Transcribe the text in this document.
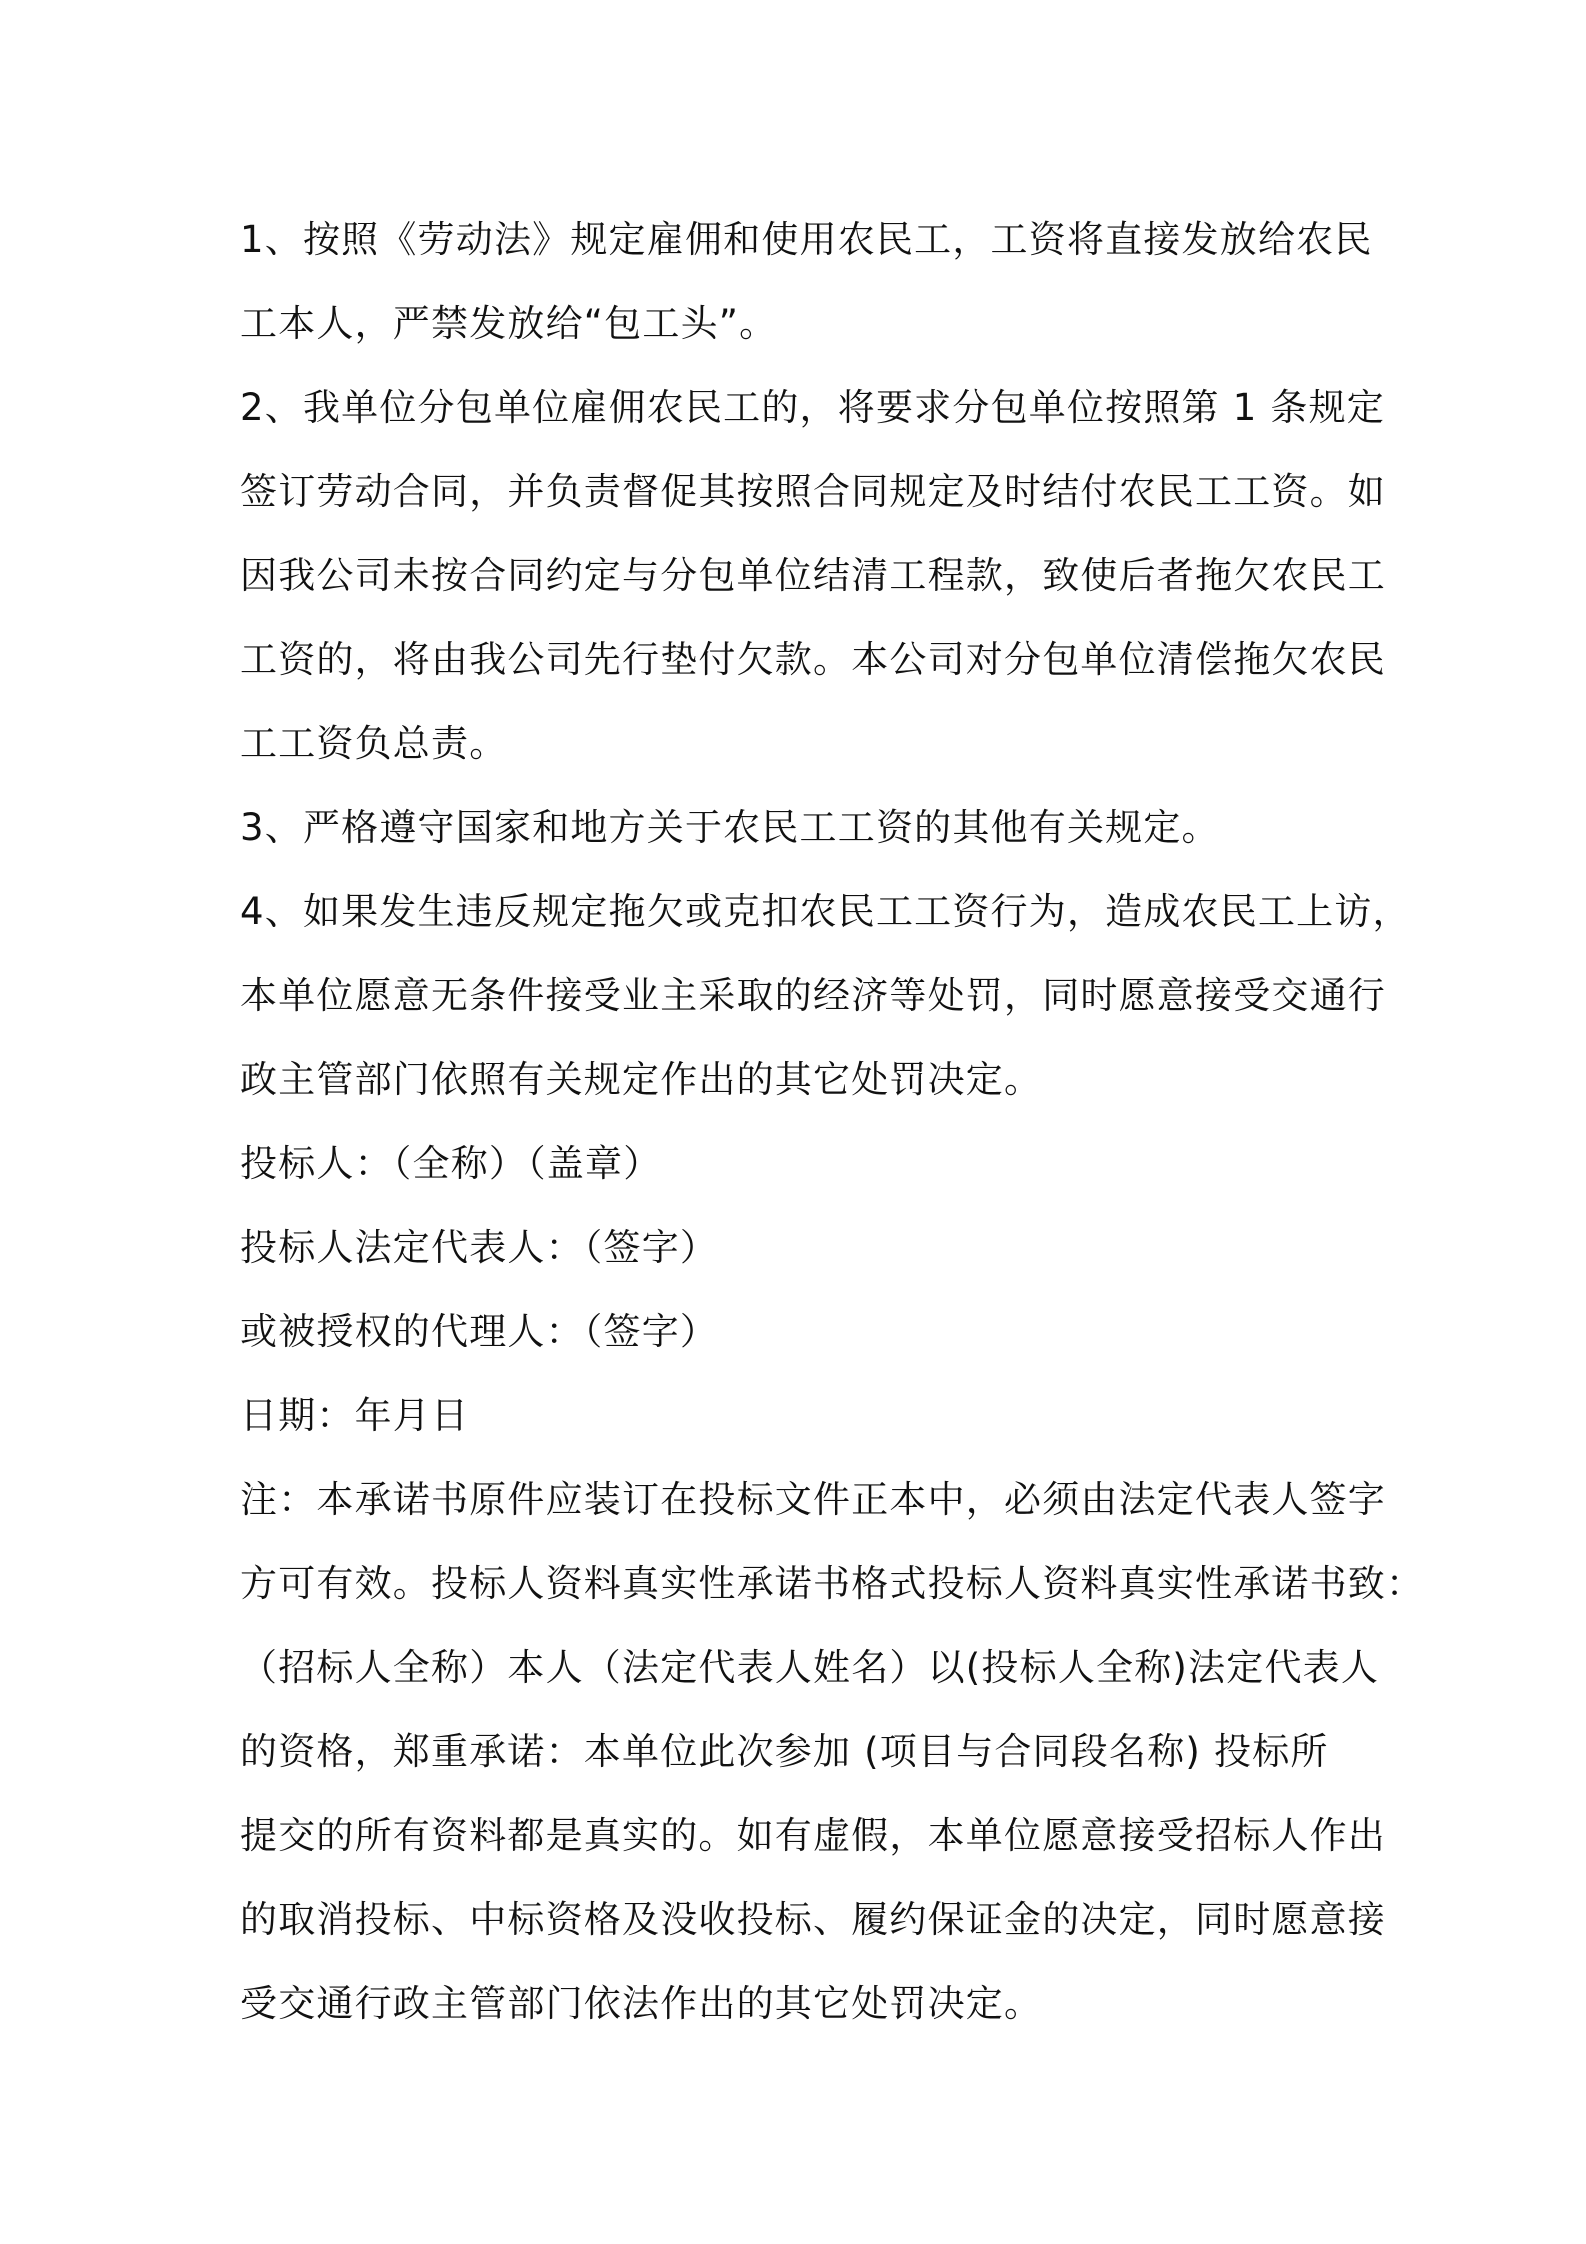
1、按照《劳动法》规定雇佣和使用农民工，工资将直接发放给农民

工本人，严禁发放给“包工头”。

2、我单位分包单位雇佣农民工的，将要求分包单位按照第 1 条规定

签订劳动合同，并负责督促其按照合同规定及时结付农民工工资。如

因我公司未按合同约定与分包单位结清工程款，致使后者拖欠农民工

工资的，将由我公司先行垫付欠款。本公司对分包单位清偿拖欠农民

工工资负总责。

3、严格遵守国家和地方关于农民工工资的其他有关规定。

4、如果发生违反规定拖欠或克扣农民工工资行为，造成农民工上访，

本单位愿意无条件接受业主采取的经济等处罚，同时愿意接受交通行

政主管部门依照有关规定作出的其它处罚决定。

投标人：（全称）（盖章）

投标人法定代表人：（签字）

或被授权的代理人：（签字）

日期：年月日

注：本承诺书原件应装订在投标文件正本中，必须由法定代表人签字

方可有效。投标人资料真实性承诺书格式投标人资料真实性承诺书致：

（招标人全称）本人（法定代表人姓名）以(投标人全称)法定代表人

的资格，郑重承诺：本单位此次参加 (项目与合同段名称) 投标所

提交的所有资料都是真实的。如有虚假，本单位愿意接受招标人作出

的取消投标、中标资格及没收投标、履约保证金的决定，同时愿意接

受交通行政主管部门依法作出的其它处罚决定。
